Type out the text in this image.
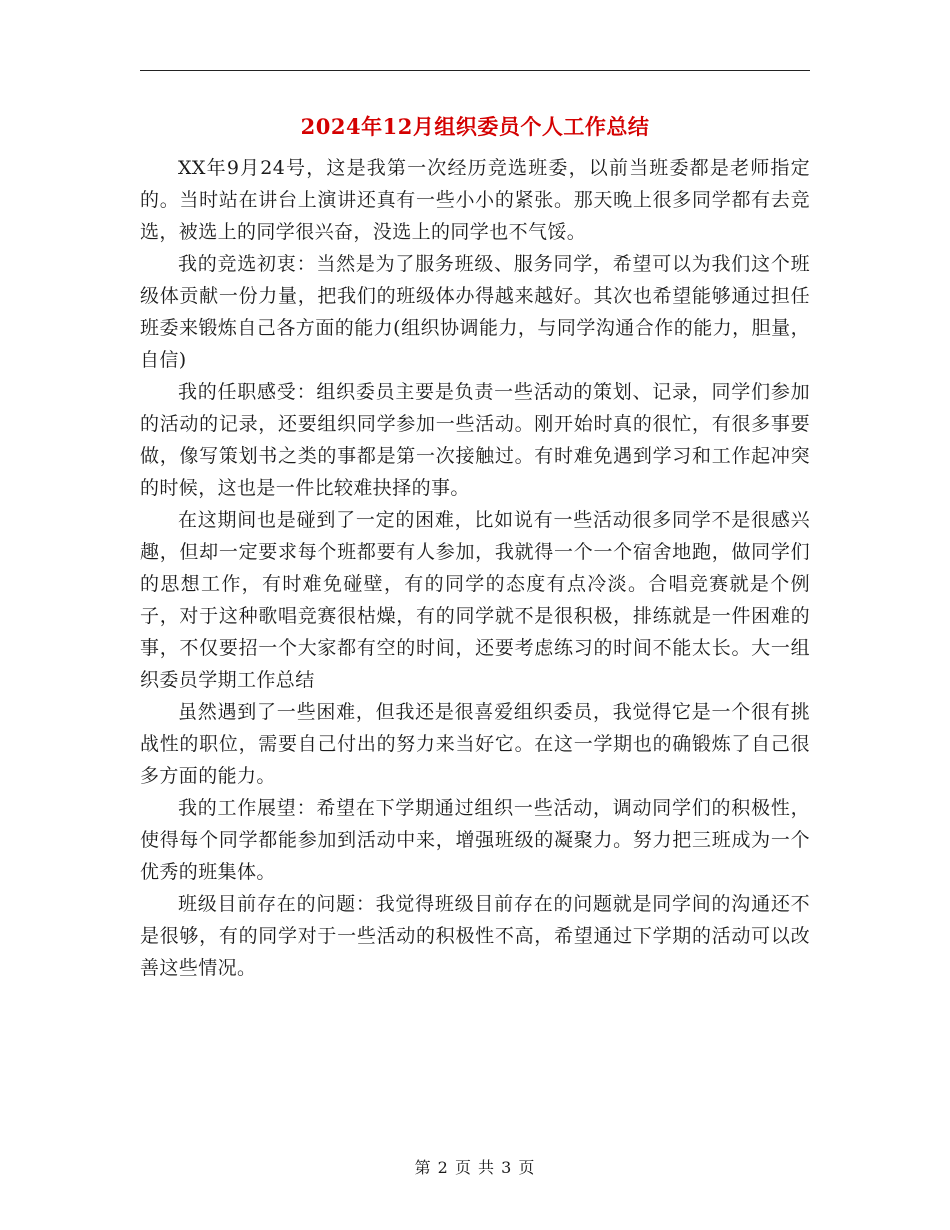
2024年12月组织委员个人工作总结

XX年9月24号，这是我第一次经历竞选班委，以前当班委都是老师指定的。当时站在讲台上演讲还真有一些小小的紧张。那天晚上很多同学都有去竞选，被选上的同学很兴奋，没选上的同学也不气馁。

我的竞选初衷：当然是为了服务班级、服务同学，希望可以为我们这个班级体贡献一份力量，把我们的班级体办得越来越好。其次也希望能够通过担任班委来锻炼自己各方面的能力(组织协调能力，与同学沟通合作的能力，胆量，自信)

我的任职感受：组织委员主要是负责一些活动的策划、记录，同学们参加的活动的记录，还要组织同学参加一些活动。刚开始时真的很忙，有很多事要做，像写策划书之类的事都是第一次接触过。有时难免遇到学习和工作起冲突的时候，这也是一件比较难抉择的事。

在这期间也是碰到了一定的困难，比如说有一些活动很多同学不是很感兴趣，但却一定要求每个班都要有人参加，我就得一个一个宿舍地跑，做同学们的思想工作，有时难免碰壁，有的同学的态度有点冷淡。合唱竞赛就是个例子，对于这种歌唱竞赛很枯燥，有的同学就不是很积极，排练就是一件困难的事，不仅要招一个大家都有空的时间，还要考虑练习的时间不能太长。大一组织委员学期工作总结

虽然遇到了一些困难，但我还是很喜爱组织委员，我觉得它是一个很有挑战性的职位，需要自己付出的努力来当好它。在这一学期也的确锻炼了自己很多方面的能力。

我的工作展望：希望在下学期通过组织一些活动，调动同学们的积极性，使得每个同学都能参加到活动中来，增强班级的凝聚力。努力把三班成为一个优秀的班集体。

班级目前存在的问题：我觉得班级目前存在的问题就是同学间的沟通还不是很够，有的同学对于一些活动的积极性不高，希望通过下学期的活动可以改善这些情况。

第 2 页 共 3 页
